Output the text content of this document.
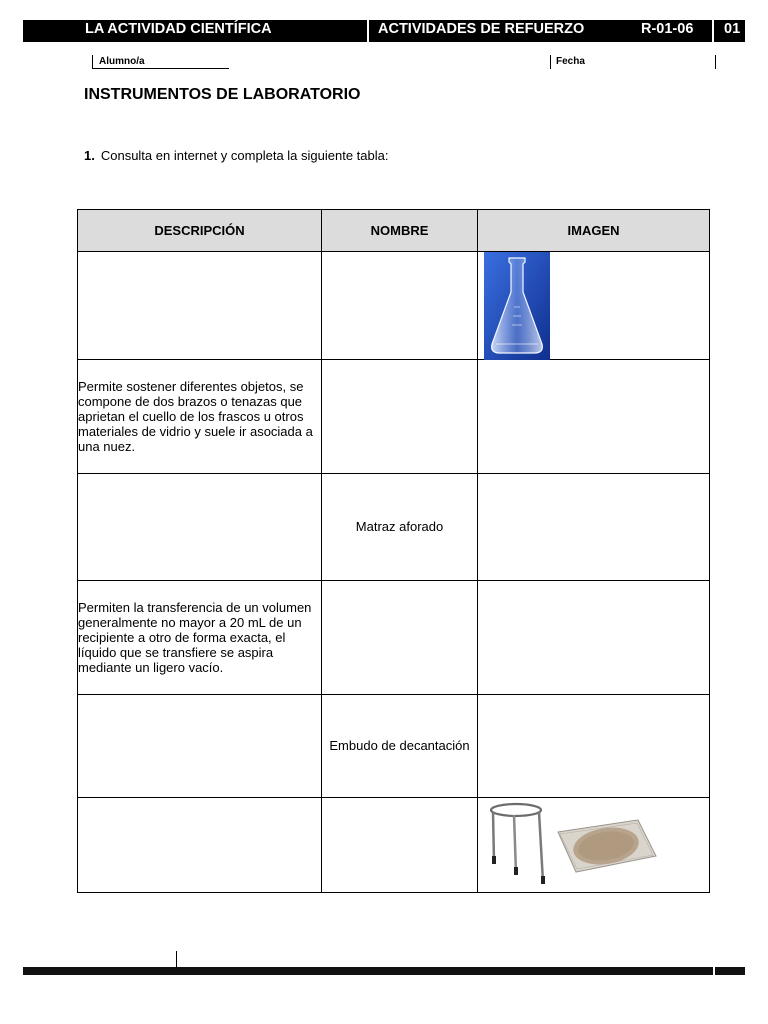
LA ACTIVIDAD CIENTÍFICA	ACTIVIDADES DE REFUERZO	R-01-06 01
Alumno/a	Fecha
INSTRUMENTOS DE LABORATORIO
1. Consulta en internet y completa la siguiente tabla:
DESCRIPCIÓN	NOMBRE	IMAGEN

Permite sostener diferentes objetos, se compone de dos brazos o tenazas que aprietan el cuello de los frascos u otros materiales de vidrio y suele ir asociada a una nuez.		
	Matraz aforado	
Permiten la transferencia de un volumen generalmente no mayor a 20 mL de un recipiente a otro de forma exacta, el líquido que se transfiere se aspira mediante un ligero vacío.		
	Embudo de decantación	
